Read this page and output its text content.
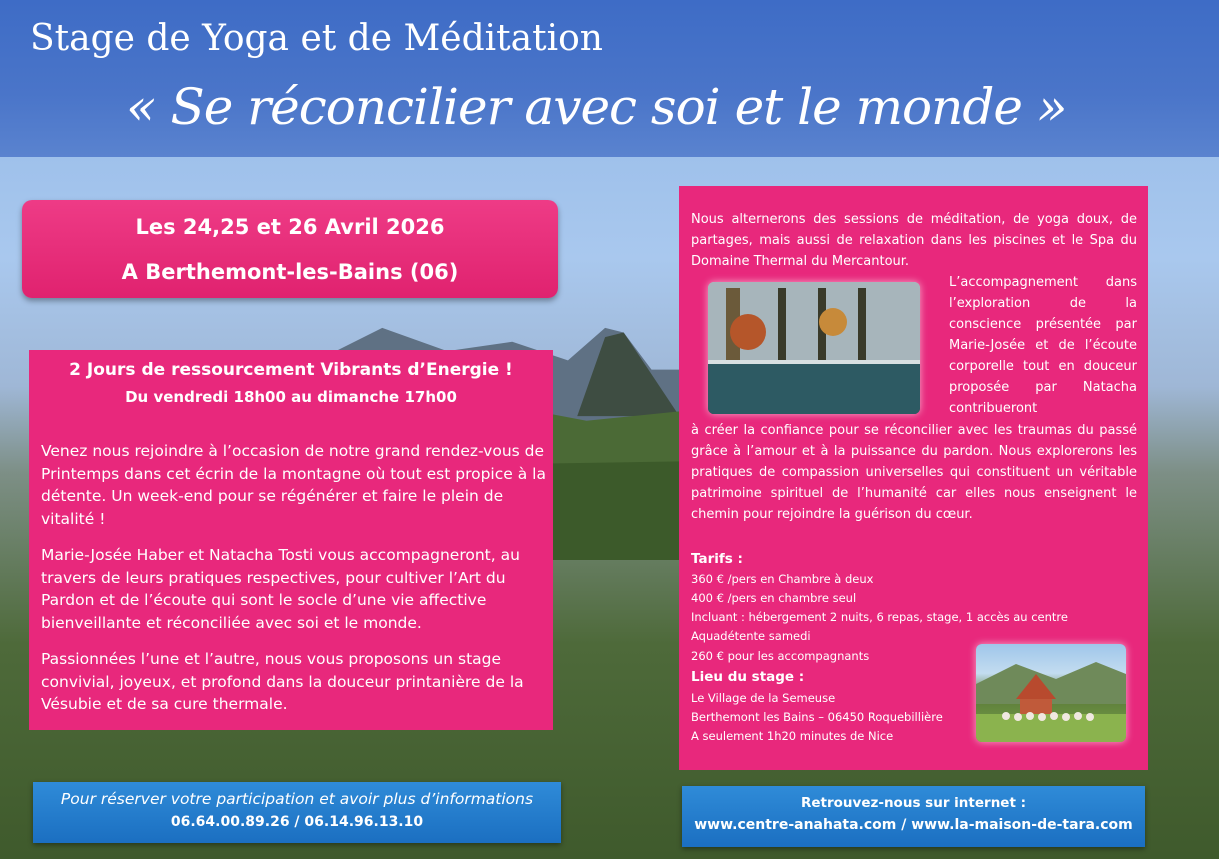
Stage de Yoga et de Méditation
« Se réconcilier avec soi et le monde »
Les 24,25 et 26 Avril 2026
A Berthemont-les-Bains (06)
2 Jours de ressourcement Vibrants d’Energie !
Du vendredi 18h00 au dimanche 17h00
Venez nous rejoindre à l’occasion de notre grand rendez-vous de Printemps dans cet écrin de la montagne où tout est propice à la détente. Un week-end pour se régénérer et faire le plein de vitalité !
Marie-Josée Haber et Natacha Tosti vous accompagneront, au travers de leurs pratiques respectives, pour cultiver l’Art du Pardon et de l’écoute qui sont le socle d’une vie affective bienveillante et réconciliée avec soi et le monde.
Passionnées l’une et l’autre, nous vous proposons un stage convivial, joyeux, et profond dans la douceur printanière de la Vésubie et de sa cure thermale.
Nous alternerons des sessions de méditation, de yoga doux, de partages, mais aussi de relaxation dans les piscines et le Spa du Domaine Thermal du Mercantour.
L’accompagnement dans l’exploration de la conscience présentée par Marie-Josée et de l’écoute corporelle tout en douceur proposée par Natacha contribueront
à créer la confiance pour se réconcilier avec les traumas du passé grâce à l’amour et à la puissance du pardon. Nous explorerons les pratiques de compassion universelles qui constituent un véritable patrimoine spirituel de l’humanité car elles nous enseignent le chemin pour rejoindre la guérison du cœur.
Tarifs :
360 € /pers en Chambre à deux
400 € /pers en chambre seul
Incluant : hébergement 2 nuits, 6 repas, stage, 1 accès au centre
Aquadétente samedi
260 € pour les accompagnants
Lieu du stage :
Le Village de la Semeuse
Berthemont les Bains – 06450 Roquebillière
A seulement 1h20 minutes de Nice
Pour réserver votre participation et avoir plus d’informations
06.64.00.89.26 / 06.14.96.13.10
Retrouvez-nous sur internet :
www.centre-anahata.com / www.la-maison-de-tara.com
